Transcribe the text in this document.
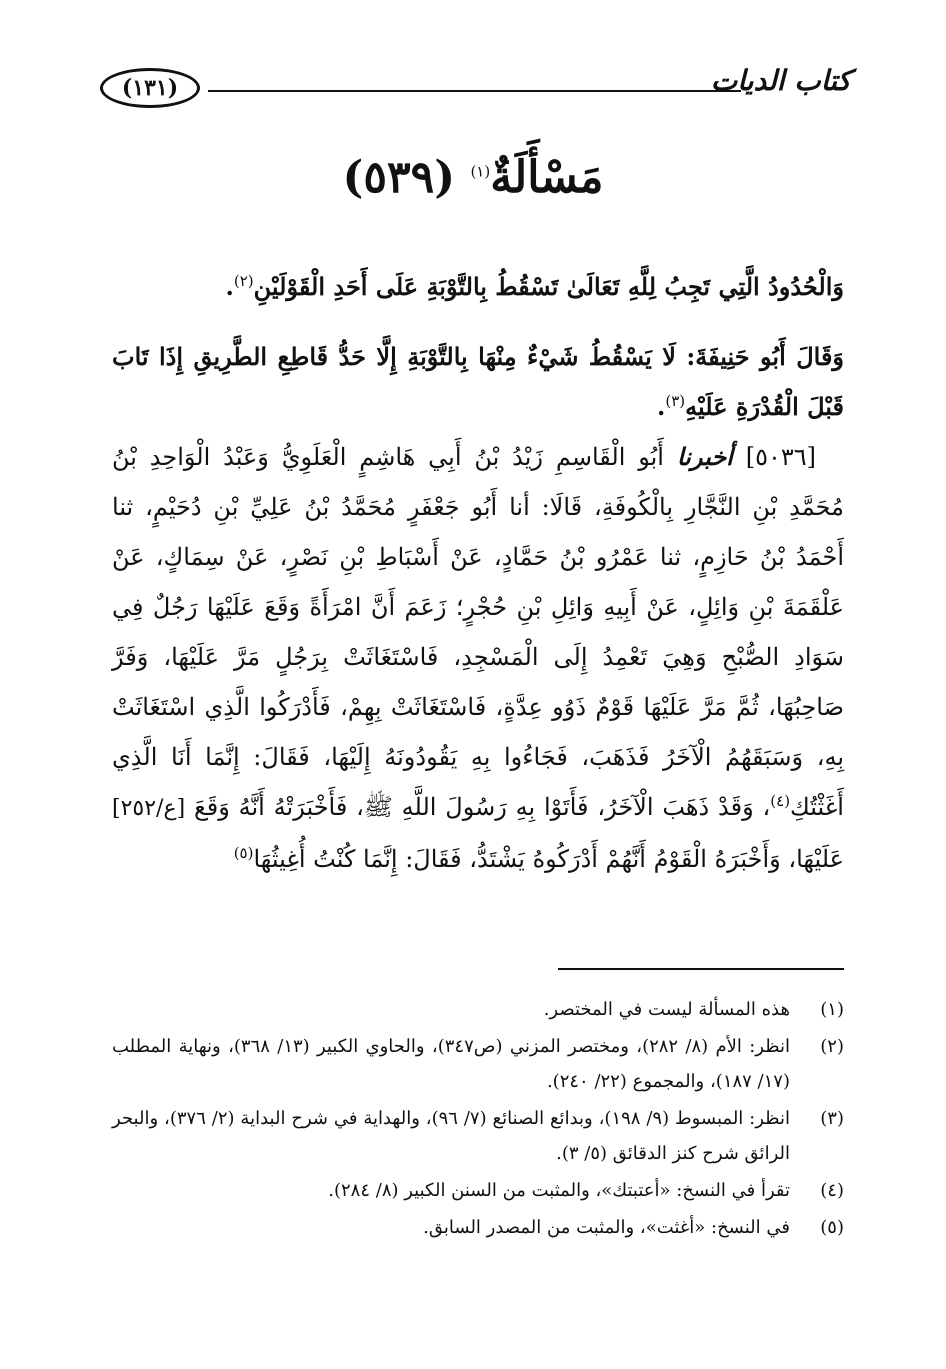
كتاب الديات
(١٣١)
مَسْأَلَةٌ$^{(١)}$ (٥٣٩)

وَالْحُدُودُ الَّتِي تَجِبُ لِلَّهِ تَعَالَىٰ تَسْقُطُ بِالتَّوْبَةِ عَلَى أَحَدِ الْقَوْلَيْنِ$^{(٢)}$.

وَقَالَ أَبُو حَنِيفَةَ: لَا يَسْقُطُ شَيْءٌ مِنْهَا بِالتَّوْبَةِ إِلَّا حَدُّ قَاطِعِ الطَّرِيقِ إِذَا تَابَ قَبْلَ الْقُدْرَةِ عَلَيْهِ$^{(٣)}$.

[٥٠٣٦] أخبرنا أَبُو الْقَاسِمِ زَيْدُ بْنُ أَبِي هَاشِمٍ الْعَلَوِيُّ وَعَبْدُ الْوَاحِدِ بْنُ مُحَمَّدِ بْنِ النَّجَّارِ بِالْكُوفَةِ، قَالَا: أنا أَبُو جَعْفَرٍ مُحَمَّدُ بْنُ عَلِيِّ بْنِ دُحَيْمٍ، ثنا أَحْمَدُ بْنُ حَازِمٍ، ثنا عَمْرُو بْنُ حَمَّادٍ، عَنْ أَسْبَاطِ بْنِ نَصْرٍ، عَنْ سِمَاكٍ، عَنْ عَلْقَمَةَ بْنِ وَائِلٍ، عَنْ أَبِيهِ وَائِلِ بْنِ حُجْرٍ؛ زَعَمَ أَنَّ امْرَأَةً وَقَعَ عَلَيْهَا رَجُلٌ فِي سَوَادِ الصُّبْحِ وَهِيَ تَعْمِدُ إِلَى الْمَسْجِدِ، فَاسْتَغَاثَتْ بِرَجُلٍ مَرَّ عَلَيْهَا، وَفَرَّ صَاحِبُهَا، ثُمَّ مَرَّ عَلَيْهَا قَوْمٌ ذَوُو عِدَّةٍ، فَاسْتَغَاثَتْ بِهِمْ، فَأَدْرَكُوا الَّذِي اسْتَغَاثَتْ بِهِ، وَسَبَقَهُمُ الْآخَرُ فَذَهَبَ، فَجَاءُوا بِهِ يَقُودُونَهُ إِلَيْهَا، فَقَالَ: إِنَّمَا أَنَا الَّذِي أَغَثْتُكِ$^{(٤)}$، وَقَدْ ذَهَبَ الْآخَرُ، فَأَتَوْا بِهِ رَسُولَ اللَّهِ ﷺ، فَأَخْبَرَتْهُ أَنَّهُ وَقَعَ [ع/٢٥٢] عَلَيْهَا، وَأَخْبَرَهُ الْقَوْمُ أَنَّهُمْ أَدْرَكُوهُ يَشْتَدُّ، فَقَالَ: إِنَّمَا كُنْتُ أُغِيثُهَا$^{(٥)}$

(١)
هذه المسألة ليست في المختصر.
(٢)
انظر: الأم (٨/ ٢٨٢)، ومختصر المزني (ص٣٤٧)، والحاوي الكبير (١٣/ ٣٦٨)، ونهاية المطلب (١٧/ ١٨٧)، والمجموع (٢٢/ ٢٤٠).
(٣)
انظر: المبسوط (٩/ ١٩٨)، وبدائع الصنائع (٧/ ٩٦)، والهداية في شرح البداية (٢/ ٣٧٦)، والبحر الرائق شرح كنز الدقائق (٥/ ٣).
(٤)
تقرأ في النسخ: «أعتبتك»، والمثبت من السنن الكبير (٨/ ٢٨٤).
(٥)
في النسخ: «أغثت»، والمثبت من المصدر السابق.
